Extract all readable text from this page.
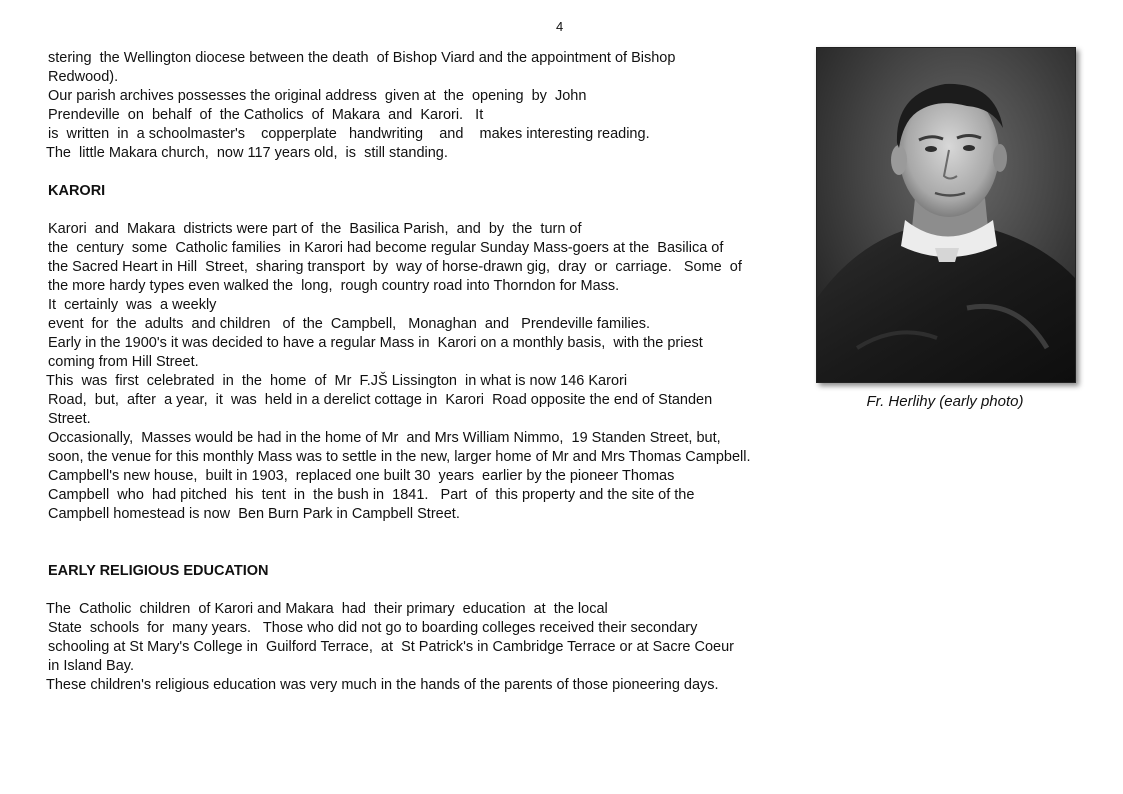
4
stering  the Wellington diocese between the death  of Bishop Viard and the appointment of Bishop
Redwood).
Our parish archives possesses the original address  given at  the  opening  by  John
Prendeville  on  behalf  of  the Catholics  of  Makara  and  Karori.   It
is  written  in  a schoolmaster's    copperplate   handwriting    and    makes interesting reading.
The  little Makara church,  now 117 years old,  is  still standing.
KARORI
Karori  and  Makara  districts were part of  the  Basilica Parish,  and  by  the  turn of
the  century  some  Catholic families  in Karori had become regular Sunday Mass-goers at the  Basilica of
the Sacred Heart in Hill  Street,  sharing transport  by  way of horse-drawn gig,  dray  or  carriage.   Some  of
the more hardy types even walked the  long,  rough country road into Thorndon for Mass.
It  certainly  was  a weekly
event  for  the  adults  and children   of  the  Campbell,   Monaghan  and   Prendeville families.
Early in the 1900's it was decided to have a regular Mass in  Karori on a monthly basis,  with the priest
coming from Hill Street.
This  was  first  celebrated  in  the  home  of  Mr  F.JŠ Lissington  in what is now 146 Karori
Road,  but,  after  a year,  it  was  held in a derelict cottage in  Karori  Road opposite the end of Standen
Street.
Occasionally,  Masses would be had in the home of Mr  and Mrs William Nimmo,  19 Standen Street, but,
soon, the venue for this monthly Mass was to settle in the new, larger home of Mr and Mrs Thomas Campbell.
Campbell's new house,  built in 1903,  replaced one built 30  years  earlier by the pioneer Thomas
Campbell  who  had pitched  his  tent  in  the bush in  1841.   Part  of  this property and the site of the
Campbell homestead is now  Ben Burn Park in Campbell Street.
EARLY RELIGIOUS EDUCATION
The  Catholic  children  of Karori and Makara  had  their primary  education  at  the local
State  schools  for  many years.   Those who did not go to boarding colleges received their secondary
schooling at St Mary's College in  Guilford Terrace,  at  St Patrick's in Cambridge Terrace or at Sacre Coeur
in Island Bay.
These children's religious education was very much in the hands of the parents of those pioneering days.
Fr. Herlihy (early photo)
